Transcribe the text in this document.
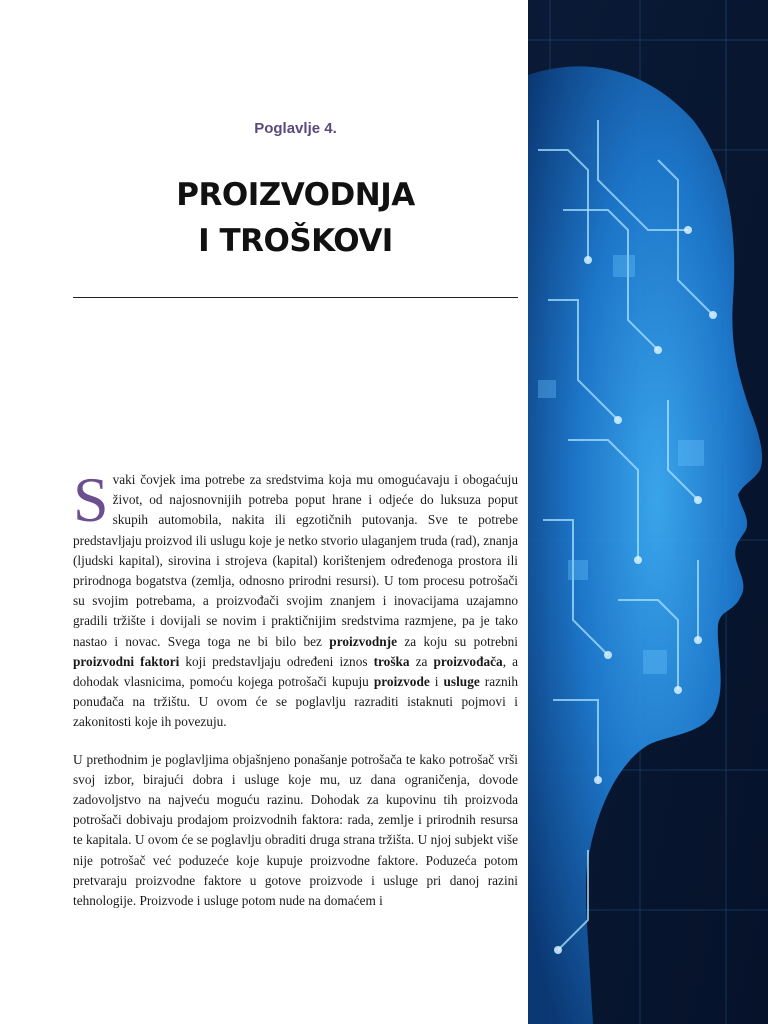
Poglavlje 4.
PROIZVODNJA
I TROŠKOVI

Svaki čovjek ima potrebe za sredstvima koja mu omogućavaju i obogaćuju život, od najosnovnijih potreba poput hrane i odjeće do luksuza poput skupih automobila, nakita ili egzotičnih putovanja. Sve te potrebe predstavljaju proizvod ili uslugu koje je netko stvorio ulaganjem truda (rad), znanja (ljudski kapital), sirovina i strojeva (kapital) korištenjem određenoga prostora ili prirodnoga bogatstva (zemlja, odnosno prirodni resursi). U tom procesu potrošači su svojim potrebama, a proizvođači svojim znanjem i inovacijama uzajamno gradili tržište i dovijali se novim i praktičnijim sredstvima razmjene, pa je tako nastao i novac. Svega toga ne bi bilo bez proizvodnje za koju su potrebni proizvodni faktori koji predstavljaju određeni iznos troška za proizvođača, a dohodak vlasnicima, pomoću kojega potrošači kupuju proizvode i usluge raznih ponuđača na tržištu. U ovom će se poglavlju razraditi istaknuti pojmovi i zakonitosti koje ih povezuju.

U prethodnim je poglavljima objašnjeno ponašanje potrošača te kako potrošač vrši svoj izbor, birajući dobra i usluge koje mu, uz dana ograničenja, dovode zadovoljstvo na najveću moguću razinu. Dohodak za kupovinu tih proizvoda potrošači dobivaju prodajom proizvodnih faktora: rada, zemlje i prirodnih resursa te kapitala. U ovom će se poglavlju obraditi druga strana tržišta. U njoj subjekt više nije potrošač već poduzeće koje kupuje proizvodne faktore. Poduzeća potom pretvaraju proizvodne faktore u gotove proizvode i usluge pri danoj razini tehnologije. Proizvode i usluge potom nude na domaćem i
